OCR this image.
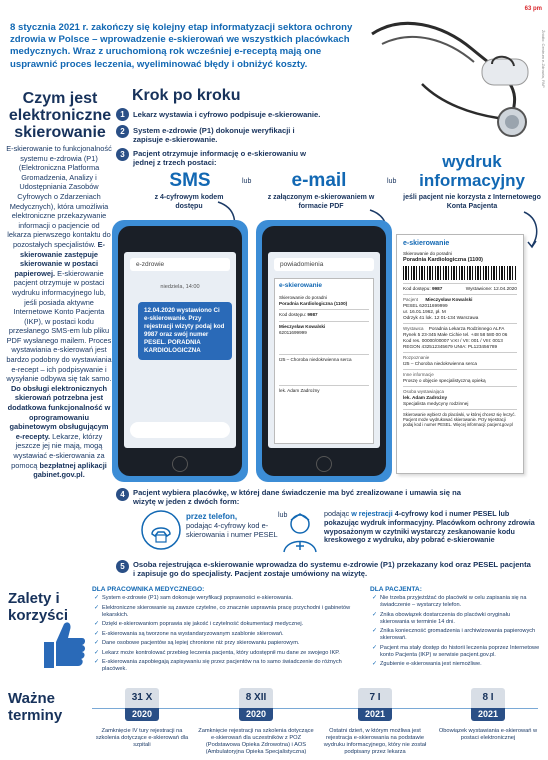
63 pm
Źródło: Centrum e-Zdrowia, PAP
8 stycznia 2021 r. zakończy się kolejny etap informatyzacji sektora ochrony zdrowia w Polsce – wprowadzenie e-skierowań we wszystkich placówkach medycznych. Wraz z uruchomioną rok wcześniej e-receptą mają one usprawnić proces leczenia, wyeliminować błędy i obniżyć koszty.
Czym jest elektroniczne skierowanie
E-skierowanie to funkcjonalność systemu e-zdrowia (P1) (Elektroniczna Platforma Gromadzenia, Analizy i Udostępniania Zasobów Cyfrowych o Zdarzeniach Medycznych), która umożliwia elektroniczne przekazywanie informacji o pacjencie od lekarza pierwszego kontaktu do pozostałych specjalistów. E-skierowanie zastępuje skierowanie w postaci papierowej. E-skierowanie pacjent otrzymuje w postaci wydruku informacyjnego lub, jeśli posiada aktywne Internetowe Konto Pacjenta (IKP), w postaci kodu przesłanego SMS-em lub pliku PDF wysłanego mailem. Proces wystawiania e-skierowań jest bardzo podobny do wystawiania e-recept – ich podpisywanie i wysyłanie odbywa się tak samo. Do obsługi elektronicznych skierowań potrzebna jest dodatkowa funkcjonalność w oprogramowaniu gabinetowym obsługującym e-recepty. Lekarze, którzy jeszcze jej nie mają, mogą wystawiać e-skierowania za pomocą bezpłatnej aplikacji gabinet.gov.pl.
Krok po kroku
1	Lekarz wystawia i cyfrowo podpisuje e-skierowanie.
2	System e-zdrowie (P1) dokonuje weryfikacji i zapisuje e-skierowanie.
3	Pacjent otrzymuje informację o e-skierowaniu w jednej z trzech postaci:
SMS	lub	e-mail	lub
wydruk informacyjny
z 4-cyfrowym kodem dostępu
z załączonym e-skierowaniem w formacie PDF
jeśli pacjent nie korzysta z Internetowego Konta Pacjenta
e-zdrowie
niedziela, 14:00
12.04.2020 wystawiono Ci e-skierowanie. Przy rejestracji wizyty podaj kod 9987 oraz swój numer PESEL. PORADNIA KARDIOLOGICZNA
powiadomienia
e-skierowanie
Skierowanie do poradni
Poradnia Kardiologiczna (1100)
Kod dostępu: 9987
Mieczysław Kowalski
62011699999
I25 – Choroba niedokrwienna serca
lek. Adam Zadrożny
e-skierowanie
Skierowanie do poradni
Poradnia Kardiologiczna (1100)
Kod dostępu: 9987	Wystawione: 12.04.2020
Pacjent Mieczysław Kowalski
PESEL 62011699999
ur. 16.01.1962, pł. M
Odrzyk 41 lok. 12 01-134 Warszawa
Wystawca Poradnia Lekarza Rodzinnego ALFA
Rynek 5 23-345 Małe Cichie tel. +48 58 580 00 06
Kod res. 00000/00007 V.KI / VII: 001 / VIII: 0013 REGON 432512345679 UNIA: PL123456789
Rozpoznanie
I25 – Choroba niedokrwienna serca
Inne informacje
Proszę o objęcie specjalistyczną opieką
Osoba wystawiająca
lek. Adam Zadrożny
Specjalista medycyny rodzinnej
Skierowanie wybierz do placówki, w której chcesz się leczyć. Pacjent może wydrukować skierowanie. Przy rejestracji podaj kod i numer PESEL. Więcej informacji: pacjent.gov.pl
4	Pacjent wybiera placówkę, w której dane świadczenie ma być zrealizowane i umawia się na wizytę w jeden z dwóch form:
przez telefon,
podając 4-cyfrowy kod e-skierowania i numer PESEL
lub	podając w rejestracji 4-cyfrowy kod i numer PESEL lub pokazując wydruk informacyjny. Placówkom ochrony zdrowia wyposażonym w czytniki wystarczy zeskanowanie kodu kreskowego z wydruku, aby pobrać e-skierowanie
5	Osoba rejestrująca e-skierowanie wprowadza do systemu e-zdrowie (P1) przekazany kod oraz PESEL pacjenta i zapisuje go do specjalisty. Pacjent zostaje umówiony na wizytę.
Zalety i korzyści
DLA PRACOWNIKA MEDYCZNEGO:
✓ System e-zdrowie (P1) sam dokonuje weryfikacji poprawności e-skierowania.
✓ Elektroniczne skierowanie są zawsze czytelne, co znacznie usprawnia pracę przychodni i gabinetów lekarskich.
✓ Dzięki e-skierowaniom poprawia się jakość i czytelność dokumentacji medycznej.
✓ E-skierowania są tworzone na wystandaryzowanym szablonie skierowań.
✓ Dane osobowe pacjentów są lepiej chronione niż przy skierowaniu papierowym.
✓ Lekarz może kontrolować przebieg leczenia pacjenta, który udostępnił mu dane ze swojego IKP.
✓ E-skierowania zapobiegają zapisywaniu się przez pacjentów na to samo świadczenie do różnych placówek.
DLA PACJENTA:
✓ Nie trzeba przyjeżdżać do placówki w celu zapisania się na świadczenie – wystarczy telefon.
✓ Znika obowiązek dostarczenia do placówki oryginału skierowania w terminie 14 dni.
✓ Znika konieczność gromadzenia i archiwizowania papierowych skierowań.
✓ Pacjent ma stały dostęp do historii leczenia poprzez Internetowe konto Pacjenta (IKP) w serwisie pacjent.gov.pl.
✓ Zgubienie e-skierowania jest niemożliwe.
Ważne terminy
31 X
2020
Zamknięcie IV tury rejestracji na szkolenia dotyczące e-skierowań dla szpitali
8 XII
2020
Zamknięcie rejestracji na szkolenia dotyczące e-skierowań dla uczestników z POZ (Podstawowa Opieka Zdrowotna) i AOS (Ambulatoryjna Opieka Specjalistyczna)
7 I
2021
Ostatni dzień, w którym możliwa jest rejestracja e-skierowania na podstawie wydruku informacyjnego, który nie został podpisany przez lekarza
8 I
2021
Obowiązek wystawiania e-skierowań w postaci elektronicznej
